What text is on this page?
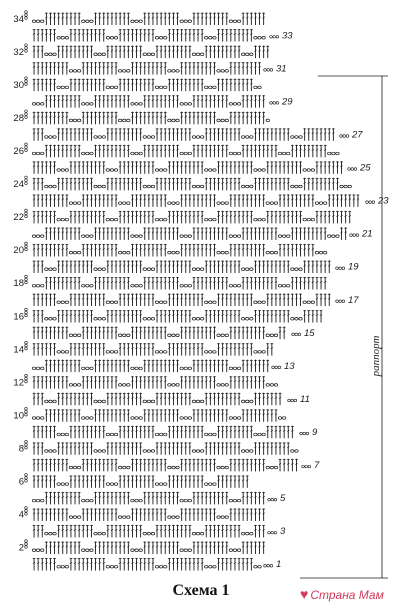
34
32
30
28
26
24
22
20
18
16
14
12
10
8
6
4
2
33
31
29
27
25
23
21
19
17
15
13
11
9
7
5
3
1
раппорт
Схема 1	♥ Страна Мам
